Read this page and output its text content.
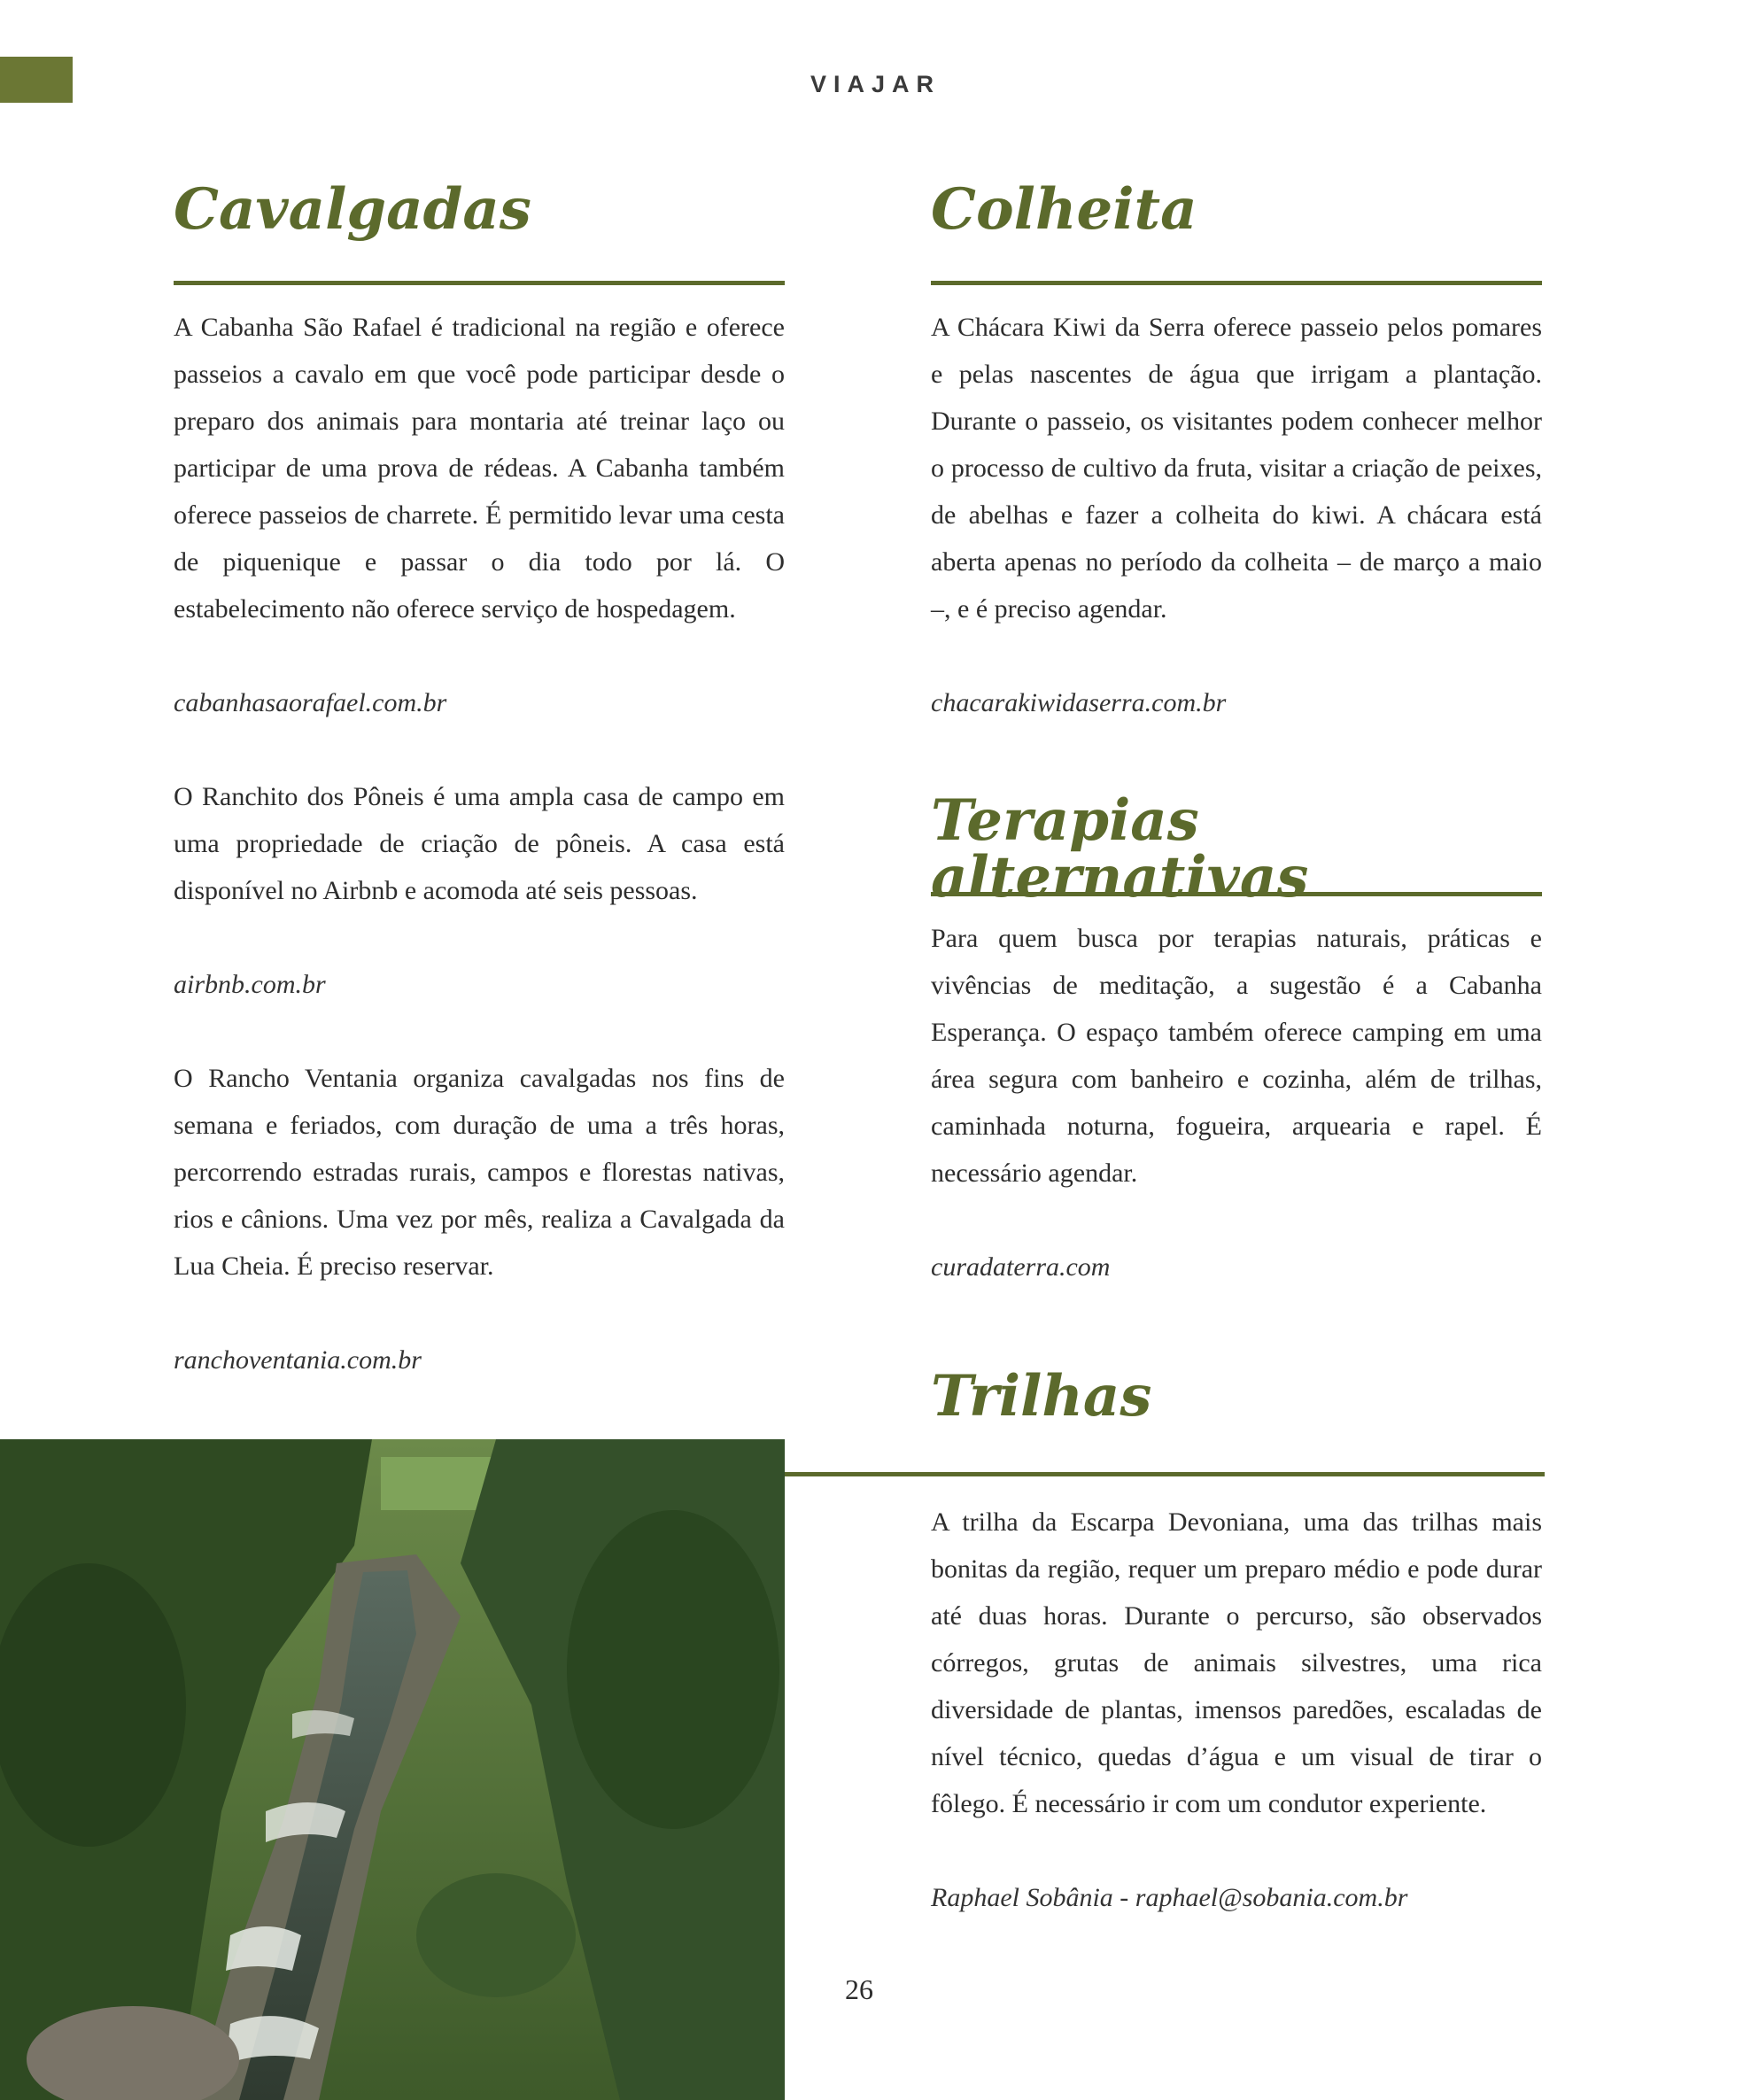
VIAJAR
Cavalgadas

A Cabanha São Rafael é tradicional na região e oferece passeios a cavalo em que você pode participar desde o preparo dos animais para montaria até treinar laço ou participar de uma prova de rédeas. A Cabanha também oferece passeios de charrete. É permitido levar uma cesta de piquenique e passar o dia todo por lá. O estabelecimento não oferece serviço de hospedagem.

cabanhasaorafael.com.br

O Ranchito dos Pôneis é uma ampla casa de campo em uma propriedade de criação de pôneis. A casa está disponível no Airbnb e acomoda até seis pessoas.

airbnb.com.br

O Rancho Ventania organiza cavalgadas nos fins de semana e feriados, com duração de uma a três horas, percorrendo estradas rurais, campos e florestas nativas, rios e cânions. Uma vez por mês, realiza a Cavalgada da Lua Cheia. É preciso reservar.

ranchoventania.com.br

Colheita

A Chácara Kiwi da Serra oferece passeio pelos pomares e pelas nascentes de água que irrigam a plantação. Durante o passeio, os visitantes podem conhecer melhor o processo de cultivo da fruta, visitar a criação de peixes, de abelhas e fazer a colheita do kiwi. A chácara está aberta apenas no período da colheita – de março a maio –, e é preciso agendar.

chacarakiwidaserra.com.br

Terapias alternativas

Para quem busca por terapias naturais, práticas e vivências de meditação, a sugestão é a Cabanha Esperança. O espaço também oferece camping em uma área segura com banheiro e cozinha, além de trilhas, caminhada noturna, fogueira, arquearia e rapel. É necessário agendar.

curadaterra.com

Trilhas

A trilha da Escarpa Devoniana, uma das trilhas mais bonitas da região, requer um preparo médio e pode durar até duas horas. Durante o percurso, são observados córregos, grutas de animais silvestres, uma rica diversidade de plantas, imensos paredões, escaladas de nível técnico, quedas d’água e um visual de tirar o fôlego. É necessário ir com um condutor experiente.

Raphael Sobânia - raphael@sobania.com.br

26
